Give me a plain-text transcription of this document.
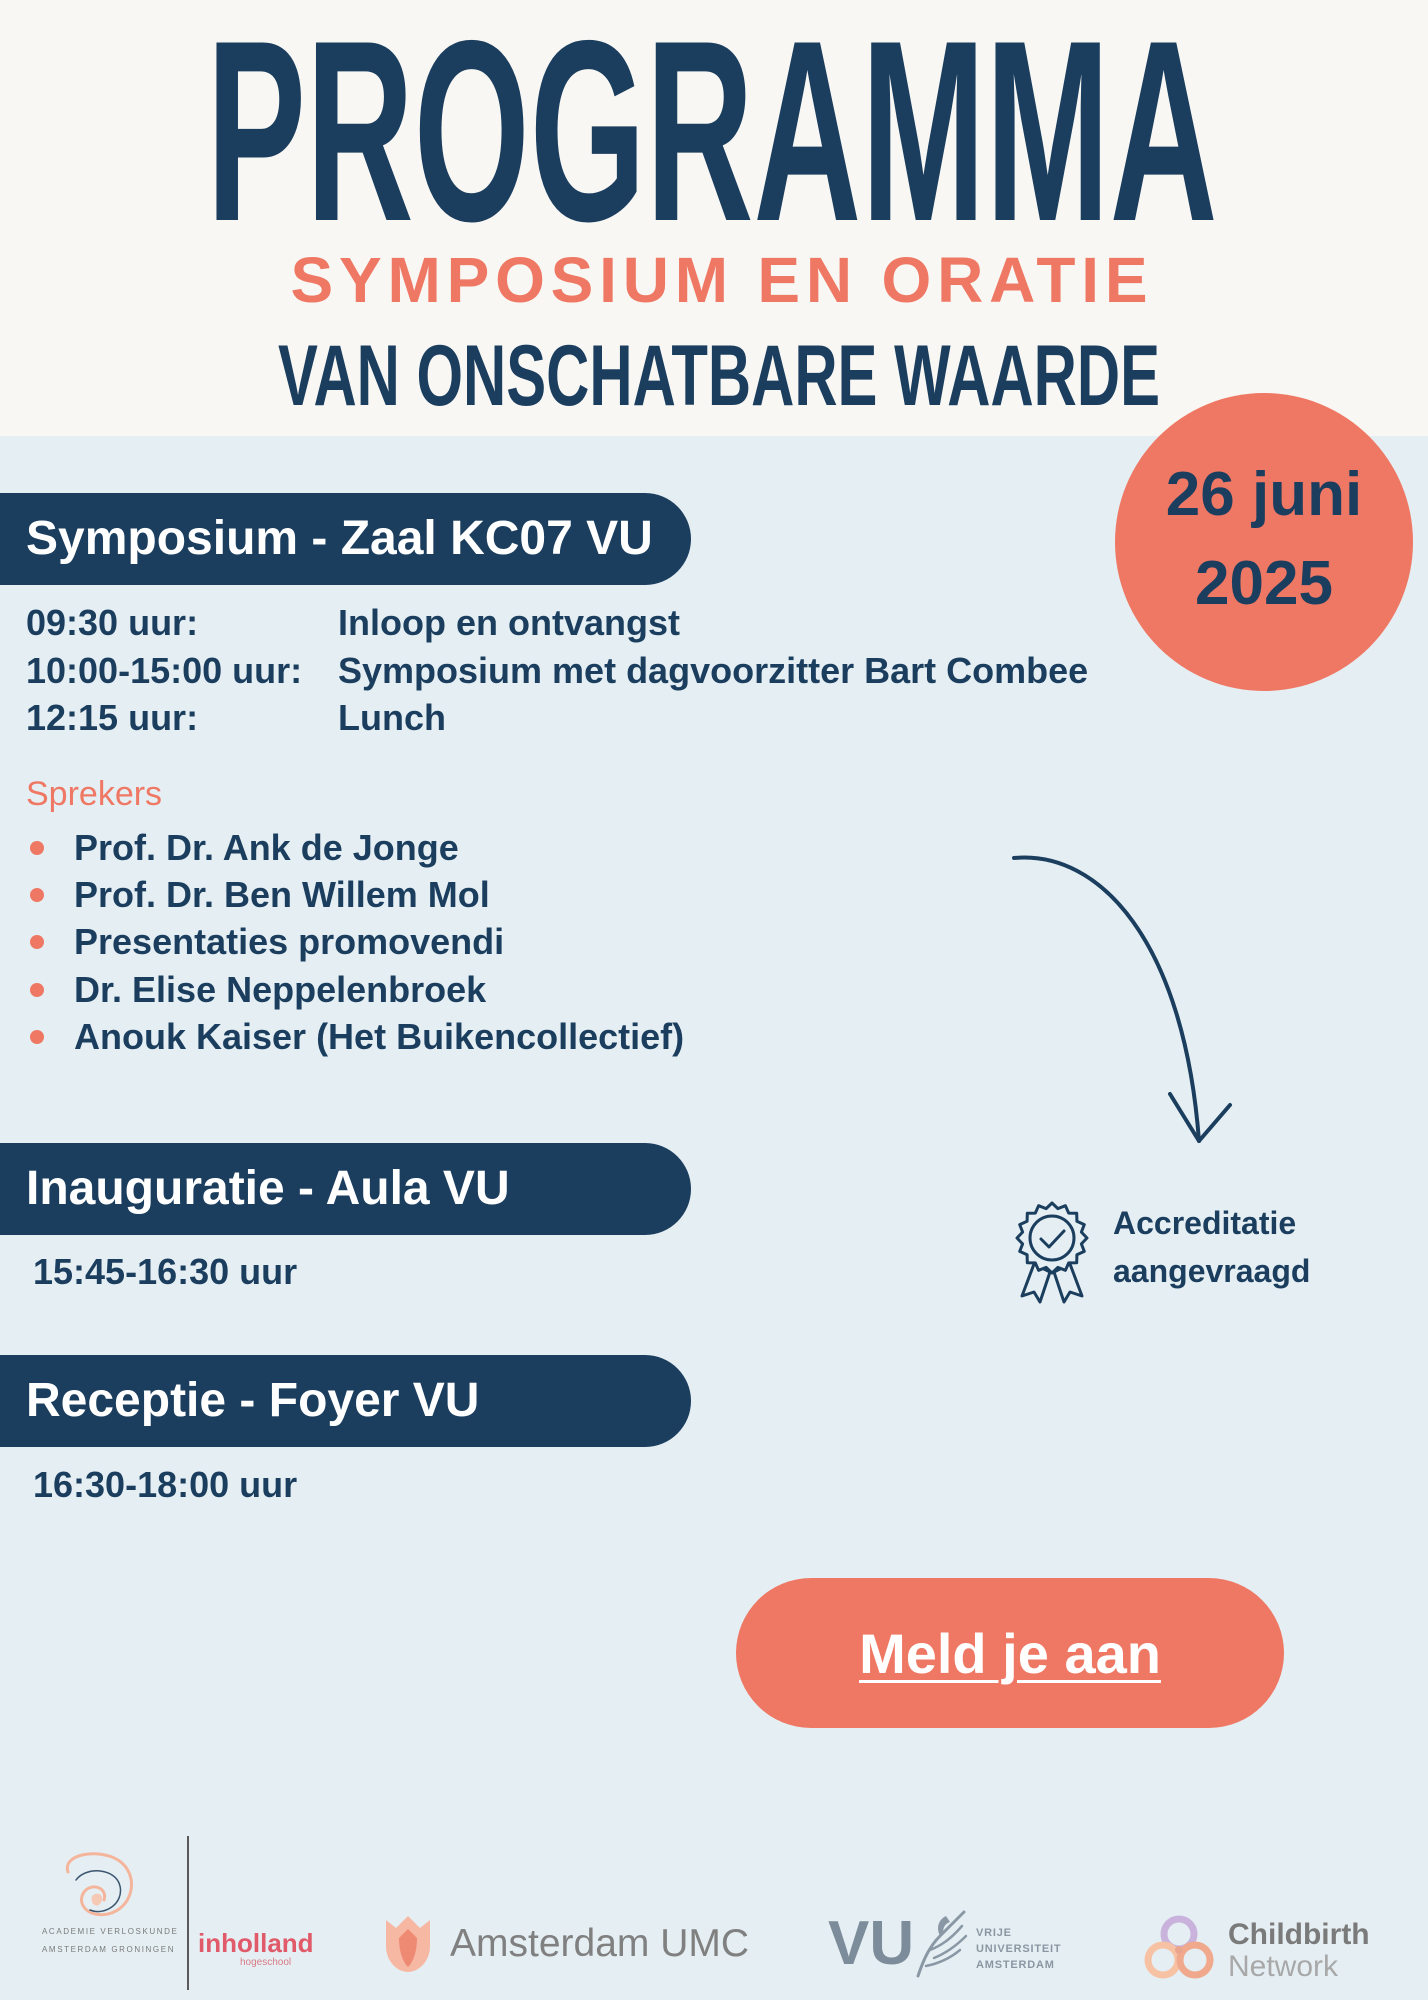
PROGRAMMA
SYMPOSIUM EN ORATIE
VAN ONSCHATBARE WAARDE
26 juni
2025
Symposium - Zaal KC07 VU
09:30 uur:	Inloop en ontvangst
10:00-15:00 uur: Symposium met dagvoorzitter Bart Combee
12:15 uur:	Lunch
Sprekers
Prof. Dr. Ank de Jonge
Prof. Dr. Ben Willem Mol
Presentaties promovendi
Dr. Elise Neppelenbroek
Anouk Kaiser (Het Buikencollectief)
Inauguratie - Aula VU
15:45-16:30 uur
Receptie - Foyer VU
16:30-18:00 uur
Accreditatie
aangevraagd
Meld je aan
ACADEMIE VERLOSKUNDE
AMSTERDAM GRONINGEN inholland
hogeschool	Amsterdam UMC VU	VRIJE
UNIVERSITEIT
AMSTERDAM
Childbirth
Network
